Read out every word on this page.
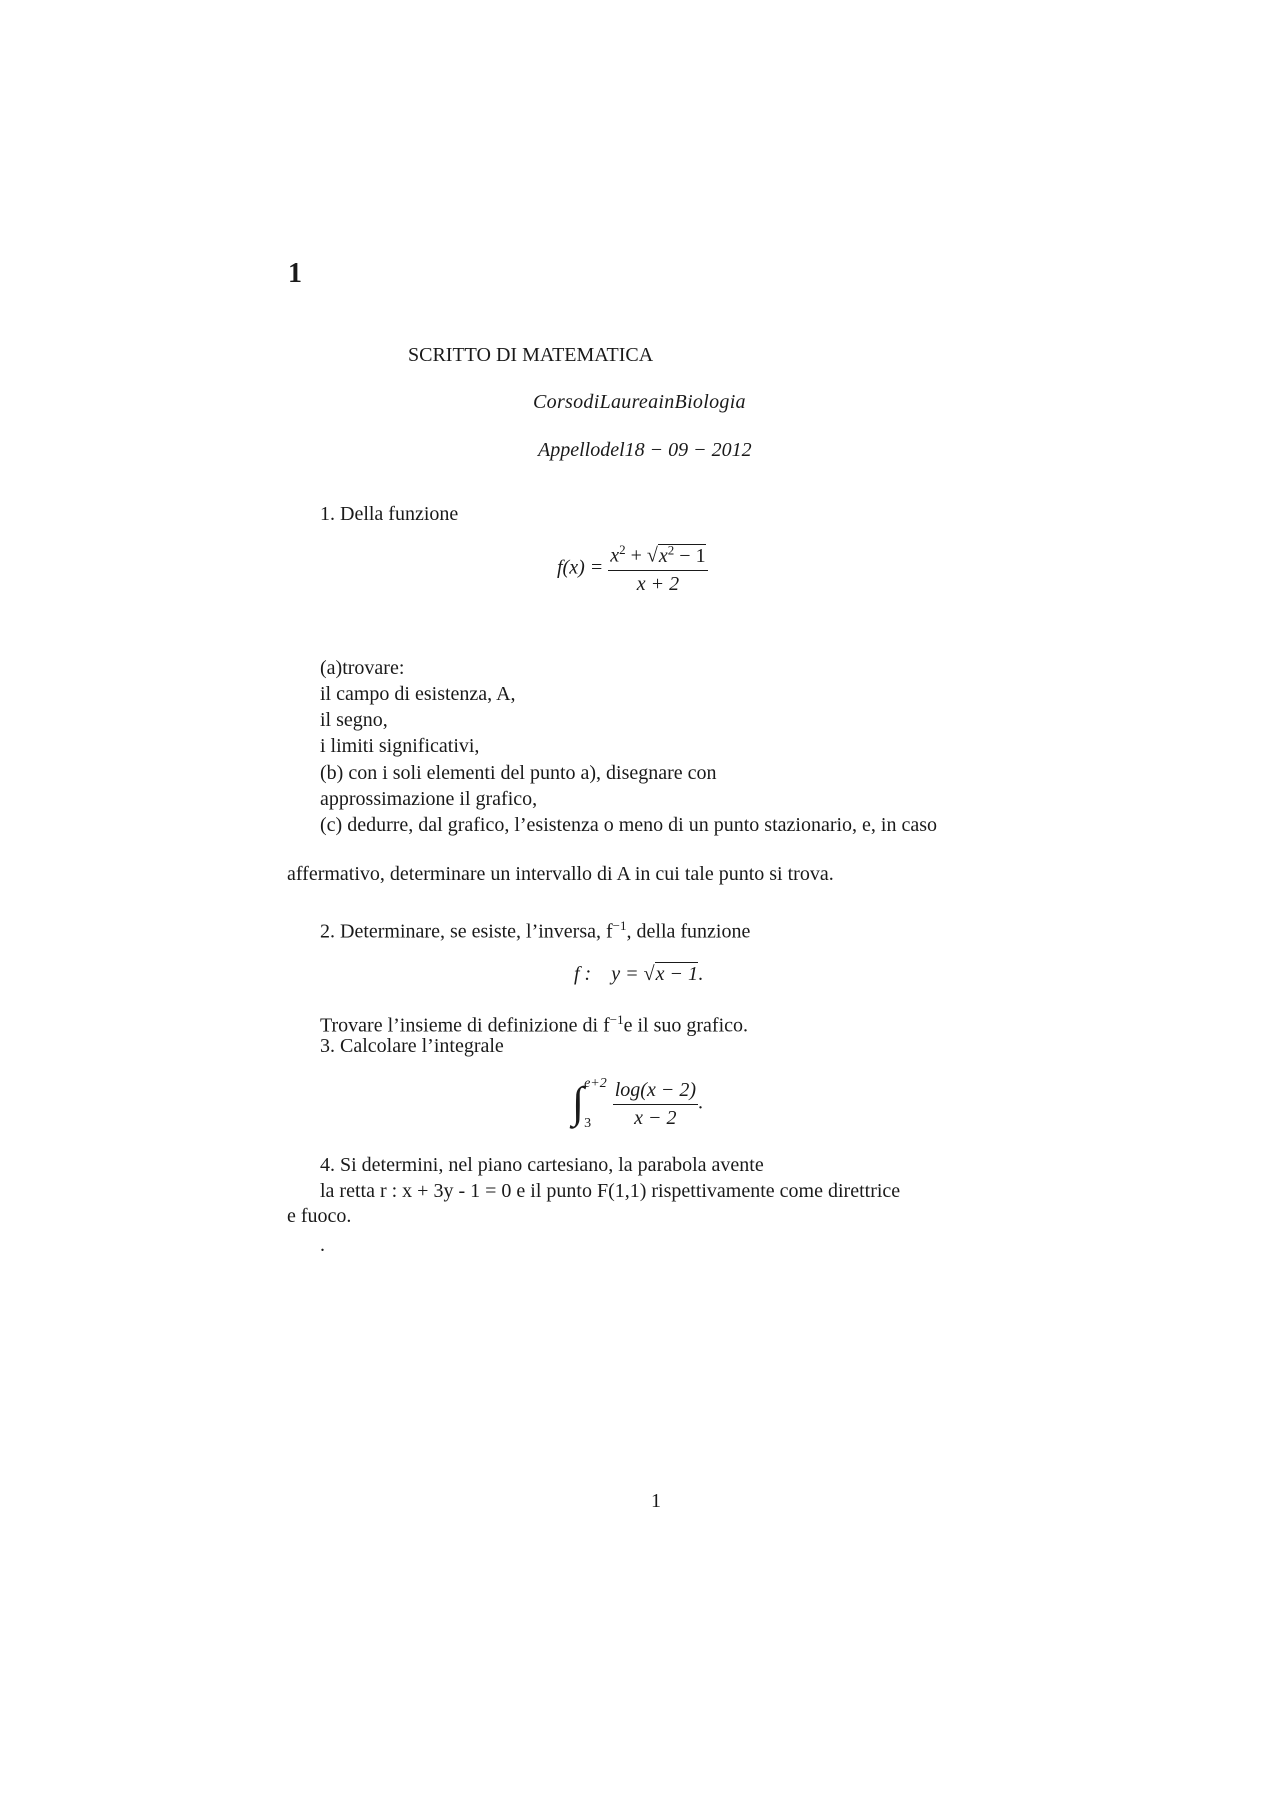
1
SCRITTO DI MATEMATICA
CorsodiLaureainBiologia
Appellodel18 − 09 − 2012
1. Della funzione
$f(x) = \frac{x^2 + √x^2 - 1}{x + 2}$
(a)trovare:
il campo di esistenza, A,
il segno,
i limiti significativi,
(b) con i soli elementi del punto a), disegnare con
approssimazione il grafico,
(c) dedurre, dal grafico, l’esistenza o meno di un punto stazionario, e, in caso
affermativo, determinare un intervallo di A in cui tale punto si trova.
2. Determinare, se esiste, l’inversa, $f^{-1}$, della funzione
f : y = √x − 1.
Trovare l’insieme di definizione di $f^{-1}e$ il suo grafico.
3. Calcolare l’integrale
∫ e+2
3	$\frac{\log(x - 2)}{x - 2}$ .
4. Si determini, nel piano cartesiano, la parabola avente
la retta r : x + 3y - 1 = 0 e il punto F(1,1) rispettivamente come direttrice
e fuoco.
.
1
